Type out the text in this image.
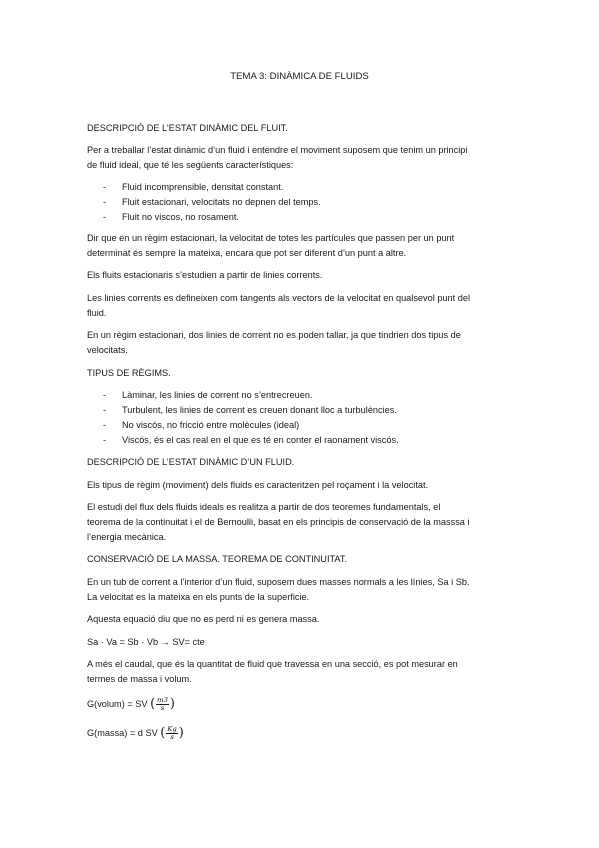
TEMA 3: DINÀMICA DE FLUIDS

DESCRIPCIÓ DE L’ESTAT DINÀMIC DEL FLUIT.

Per a treballar l’estat dinàmic d’un fluid i entendre el moviment suposem que tenim un principi

de fluid ideal, que té les següents característiques:

- Fluid incomprensible, densitat constant.
- Fluit estacionari, velocitats no depnen del temps.
- Fluit no viscos, no rosament.

Dir que en un règim estacionari, la velocitat de totes les partícules que passen per un punt

determinat és sempre la mateixa, encara que pot ser diferent d’un punt a altre.

Els fluits estacionaris s’estudien a partir de linies corrents.

Les linies corrents es defineixen com tangents als vectors de la velocitat en qualsevol punt del

fluid.

En un règim estacionari, dos linies de corrent no es poden tallar, ja que tindrien dos tipus de

velocitats.

TIPUS DE RÈGIMS.

- Làminar, les linies de corrent no s’entrecreuen.
- Turbulent, les linies de corrent es creuen donant lloc a turbulències.
- No viscós, no fricció entre molècules (ideal)
- Viscós, és el cas real en el que es té en conter el raonament viscós.

DESCRIPCIÓ DE L’ESTAT DINÀMIC D’UN FLUID.

Els tipus de règim (moviment) dels fluids es caracteritzen pel roçament i la velocitat.

El estudi del flux dels fluids ideals es realitza a partir de dos teoremes fundamentals, el

teorema de la continuitat i el de Bernoulli, basat en els principis de conservació de la masssa i

l’energia mecànica.

CONSERVACIÓ DE LA MASSA. TEOREMA DE CONTINUITAT.

En un tub de corrent a l’interior d’un fluid, suposem dues masses normals a les línies, Sa i Sb.

La velocitat es la mateixa en els punts de la superficie.

Aquesta equació diu que no es perd ni es genera massa.

Sa · Va = Sb · Vb → SV= cte

A més el caudal, que és la quantitat de fluid que travessa en una secció, es pot mesurar en

termes de massa i volum.

G(volum) = SV ( $\frac{m3}{s}$ )

G(massa) = d SV ( $\frac{Kg}{s}$ )
